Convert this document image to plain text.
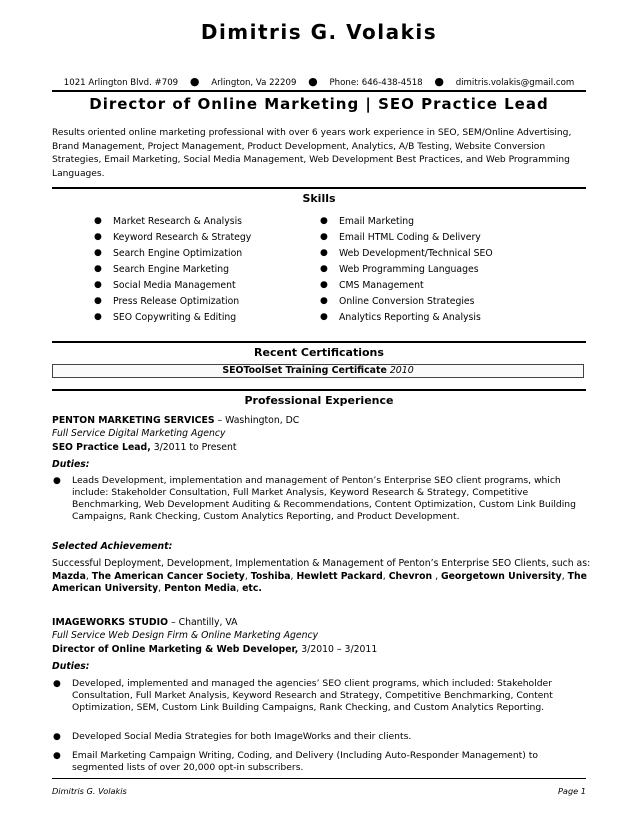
Dimitris G. Volakis
1021 Arlington Blvd. #709 ● Arlington, Va 22209 ● Phone: 646-438-4518 ● dimitris.volakis@gmail.com
Director of Online Marketing | SEO Practice Lead
Results oriented online marketing professional with over 6 years work experience in SEO, SEM/Online Advertising, Brand Management, Project Management, Product Development, Analytics, A/B Testing, Website Conversion Strategies, Email Marketing, Social Media Management, Web Development Best Practices, and Web Programming Languages.
Skills
● Market Research & Analysis
● Keyword Research & Strategy
● Search Engine Optimization
● Search Engine Marketing
● Social Media Management
● Press Release Optimization
● SEO Copywriting & Editing
● Email Marketing
● Email HTML Coding & Delivery
● Web Development/Technical SEO
● Web Programming Languages
● CMS Management
● Online Conversion Strategies
● Analytics Reporting & Analysis
Recent Certifications
SEOToolSet Training Certificate 2010
Professional Experience
PENTON MARKETING SERVICES – Washington, DC
Full Service Digital Marketing Agency
SEO Practice Lead, 3/2011 to Present
Duties:
● Leads Development, implementation and management of Penton’s Enterprise SEO client programs, which include: Stakeholder Consultation, Full Market Analysis, Keyword Research & Strategy, Competitive Benchmarking, Web Development Auditing & Recommendations, Content Optimization, Custom Link Building Campaigns, Rank Checking, Custom Analytics Reporting, and Product Development.
Selected Achievement:
Successful Deployment, Development, Implementation & Management of Penton’s Enterprise SEO Clients, such as: Mazda, The American Cancer Society, Toshiba, Hewlett Packard, Chevron , Georgetown University, The American University, Penton Media, etc.
IMAGEWORKS STUDIO – Chantilly, VA
Full Service Web Design Firm & Online Marketing Agency
Director of Online Marketing & Web Developer, 3/2010 – 3/2011
Duties:
● Developed, implemented and managed the agencies’ SEO client programs, which included: Stakeholder Consultation, Full Market Analysis, Keyword Research and Strategy, Competitive Benchmarking, Content Optimization, SEM, Custom Link Building Campaigns, Rank Checking, and Custom Analytics Reporting.
● Developed Social Media Strategies for both ImageWorks and their clients.
● Email Marketing Campaign Writing, Coding, and Delivery (Including Auto-Responder Management) to segmented lists of over 20,000 opt-in subscribers.
Dimitris G. Volakis	Page 1
